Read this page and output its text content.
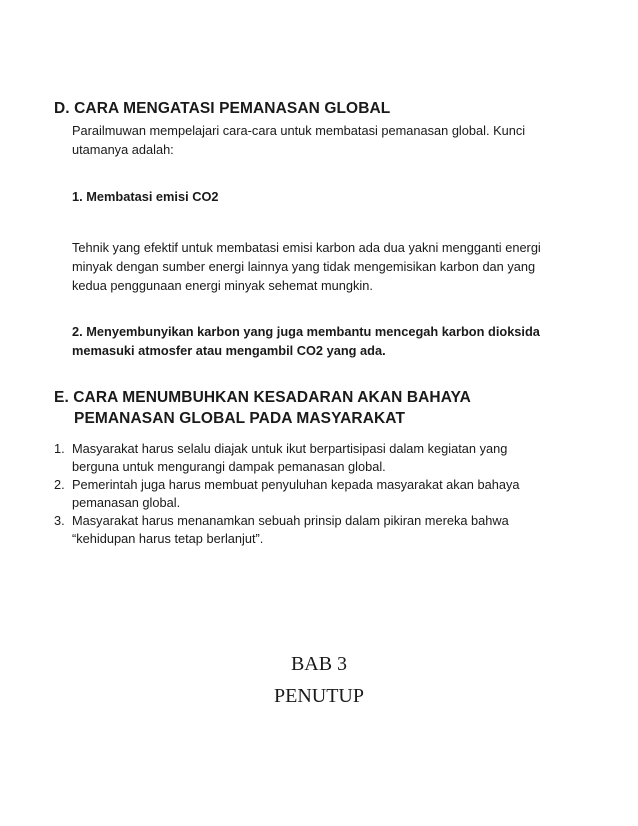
D. CARA MENGATASI PEMANASAN GLOBAL
Parailmuwan mempelajari cara-cara untuk membatasi pemanasan global. Kunci
utamanya adalah:
1. Membatasi emisi CO2
Tehnik yang efektif untuk membatasi emisi karbon ada dua yakni mengganti energi
minyak dengan sumber energi lainnya yang tidak mengemisikan karbon dan yang
kedua penggunaan energi minyak sehemat mungkin.
2. Menyembunyikan karbon yang juga membantu mencegah karbon dioksida
memasuki atmosfer atau mengambil CO2 yang ada.
E. CARA MENUMBUHKAN KESADARAN AKAN BAHAYA
PEMANASAN GLOBAL PADA MASYARAKAT
1. Masyarakat harus selalu diajak untuk ikut berpartisipasi dalam kegiatan yang
berguna untuk mengurangi dampak pemanasan global.
2. Pemerintah juga harus membuat penyuluhan kepada masyarakat akan bahaya
pemanasan global.
3. Masyarakat harus menanamkan sebuah prinsip dalam pikiran mereka bahwa
“kehidupan harus tetap berlanjut”.
BAB 3
PENUTUP
